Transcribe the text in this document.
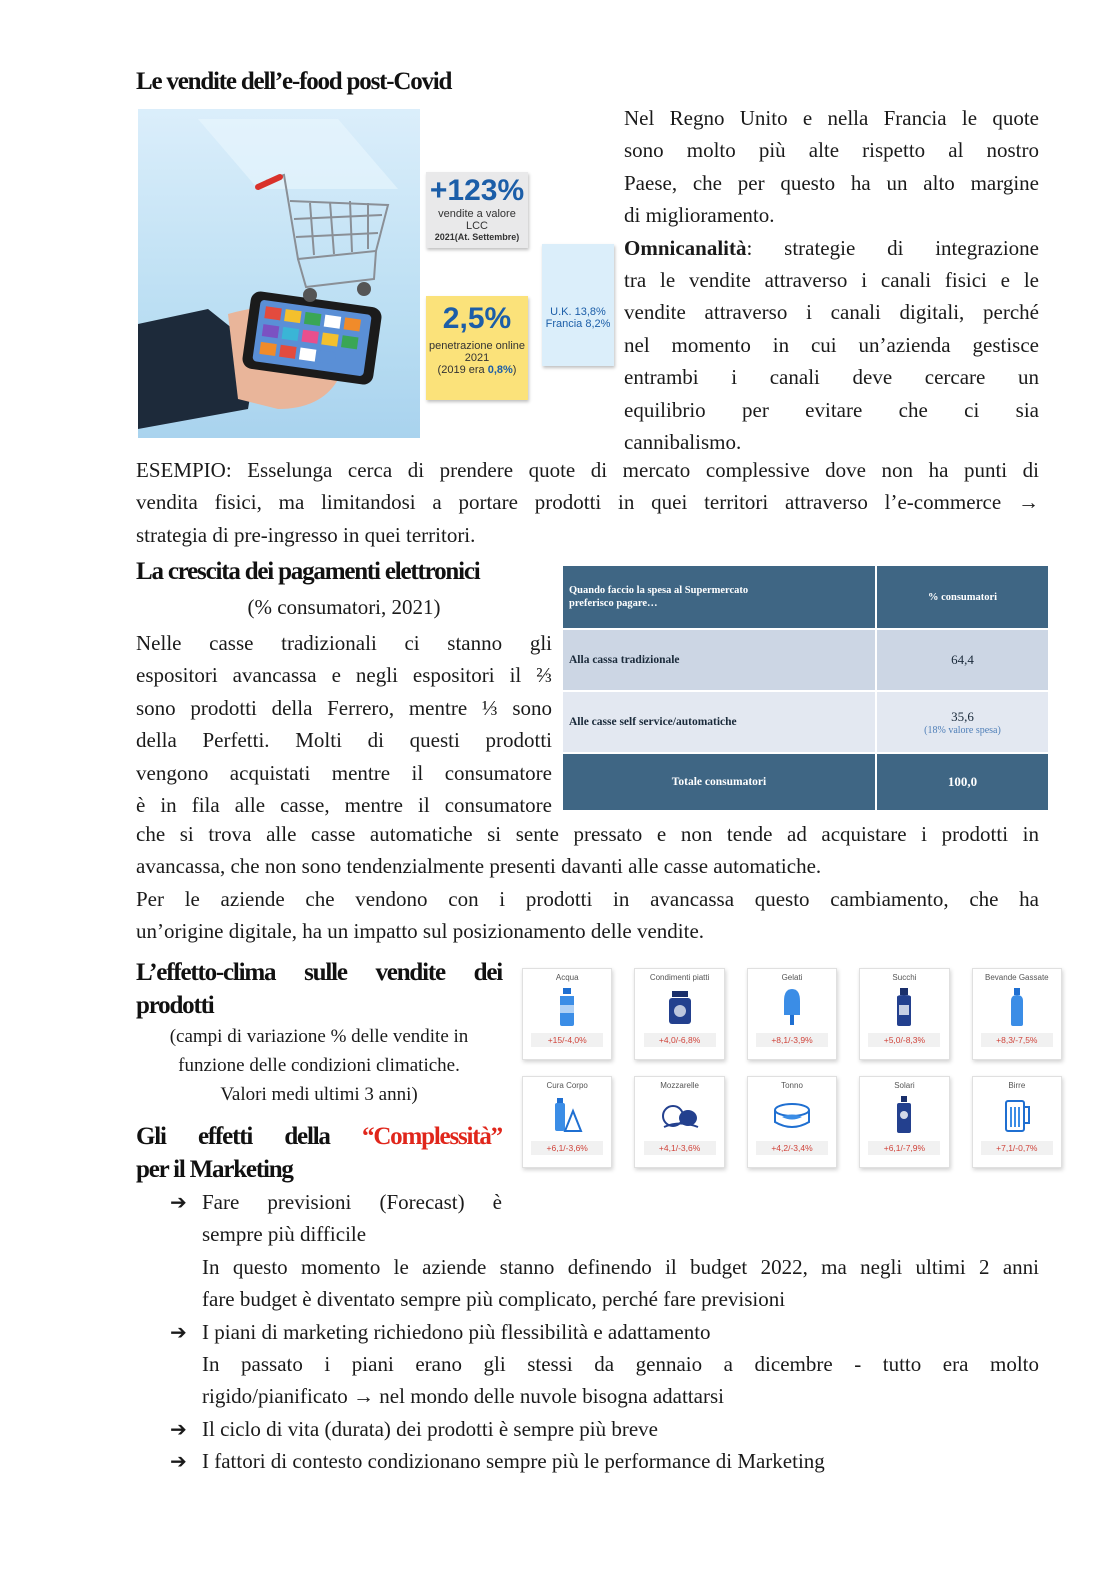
Le vendite dell’e-food post-Covid
+123%
vendite a valore LCC
2021(At. Settembre)
2,5%
penetrazione online
2021
(2019 era 0,8%)
U.K. 13,8%
Francia 8,2%

Nel Regno Unito e nella Francia le quote

sono molto più alte rispetto al nostro

Paese, che per questo ha un alto margine

di miglioramento.

Omnicanalità: strategie di integrazione

tra le vendite attraverso i canali fisici e le

vendite attraverso i canali digitali, perché

nel momento in cui un’azienda gestisce

entrambi i canali deve cercare un

equilibrio per evitare che ci sia

cannibalismo.

ESEMPIO: Esselunga cerca di prendere quote di mercato complessive dove non ha punti di

vendita fisici, ma limitandosi a portare prodotti in quei territori attraverso l’e-commerce →

strategia di pre-ingresso in quei territori.

La crescita dei pagamenti elettronici

(% consumatori, 2021)

Nelle casse tradizionali ci stanno gli

espositori avancassa e negli espositori il ⅔

sono prodotti della Ferrero, mentre ⅓ sono

della Perfetti. Molti di questi prodotti

vengono acquistati mentre il consumatore

è in fila alle casse, mentre il consumatore

Quando faccio la spesa al Supermercato
preferisco pagare…	% consumatori
Alla cassa tradizionale	64,4
Alle casse self service/automatiche	35,6
(18% valore spesa)

Totale consumatori	100,0

che si trova alle casse automatiche si sente pressato e non tende ad acquistare i prodotti in

avancassa, che non sono tendenzialmente presenti davanti alle casse automatiche.

Per le aziende che vendono con i prodotti in avancassa questo cambiamento, che ha

un’origine digitale, ha un impatto sul posizionamento delle vendite.

L’effetto-clima sulle vendite dei
prodotti
(campi di variazione % delle vendite in
funzione delle condizioni climatiche.
Valori medi ultimi 3 anni)
Acqua
+15/-4,0%
Condimenti piatti
+4,0/-6,8%
Gelati
+8,1/-3,9%
Succhi
+5,0/-8,3%
Bevande Gassate
+8,3/-7,5%
Cura Corpo
+6,1/-3,6%
Mozzarelle
+4,1/-3,6%
Tonno
+4,2/-3,4%
Solari
+6,1/-7,9%
Birre
+7,1/-0,7%
Gli effetti della “Complessità”
per il Marketing
➔ Fare previsioni (Forecast) è

sempre più difficile

In questo momento le aziende stanno definendo il budget 2022, ma negli ultimi 2 anni

fare budget è diventato sempre più complicato, perché fare previsioni

➔ I piani di marketing richiedono più flessibilità e adattamento

In passato i piani erano gli stessi da gennaio a dicembre - tutto era molto

rigido/pianificato → nel mondo delle nuvole bisogna adattarsi

➔ Il ciclo di vita (durata) dei prodotti è sempre più breve

➔ I fattori di contesto condizionano sempre più le performance di Marketing
